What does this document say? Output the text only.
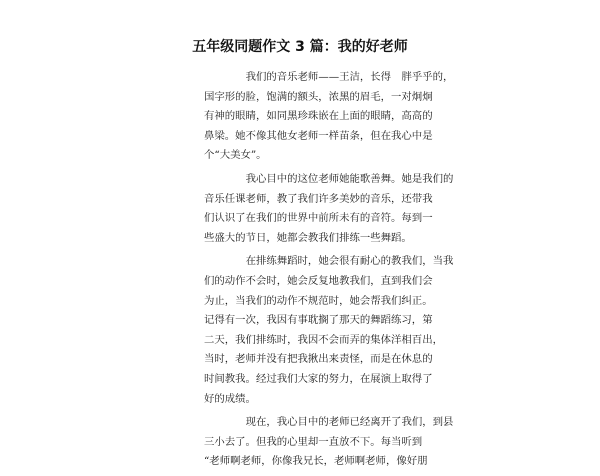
五年级同题作文 3 篇：我的好老师

我们的音乐老师——王洁，长得　胖乎乎的，
国字形的脸，饱满的额头，浓黑的眉毛，一对炯炯
有神的眼睛，如同黑珍珠嵌在上面的眼睛，高高的
鼻梁。她不像其他女老师一样苗条，但在我心中是
个“大美女”。

我心目中的这位老师她能歌善舞。她是我们的
音乐任课老师，教了我们许多美妙的音乐，还带我
们认识了在我们的世界中前所未有的音符。每到一
些盛大的节日，她都会教我们排练一些舞蹈。

在排练舞蹈时，她会很有耐心的教我们，当我
们的动作不会时，她会反复地教我们，直到我们会
为止，当我们的动作不规范时，她会帮我们纠正。
记得有一次，我因有事耽搁了那天的舞蹈练习，第
二天，我们排练时，我因不会而弄的集体洋相百出，
当时，老师并没有把我揪出来责怪，而是在休息的
时间教我。经过我们大家的努力，在展演上取得了
好的成绩。

现在，我心目中的老师已经离开了我们，到县
三小去了。但我的心里却一直放不下。每当听到
“老师啊老师，你像我兄长，老师啊老师，像好朋
